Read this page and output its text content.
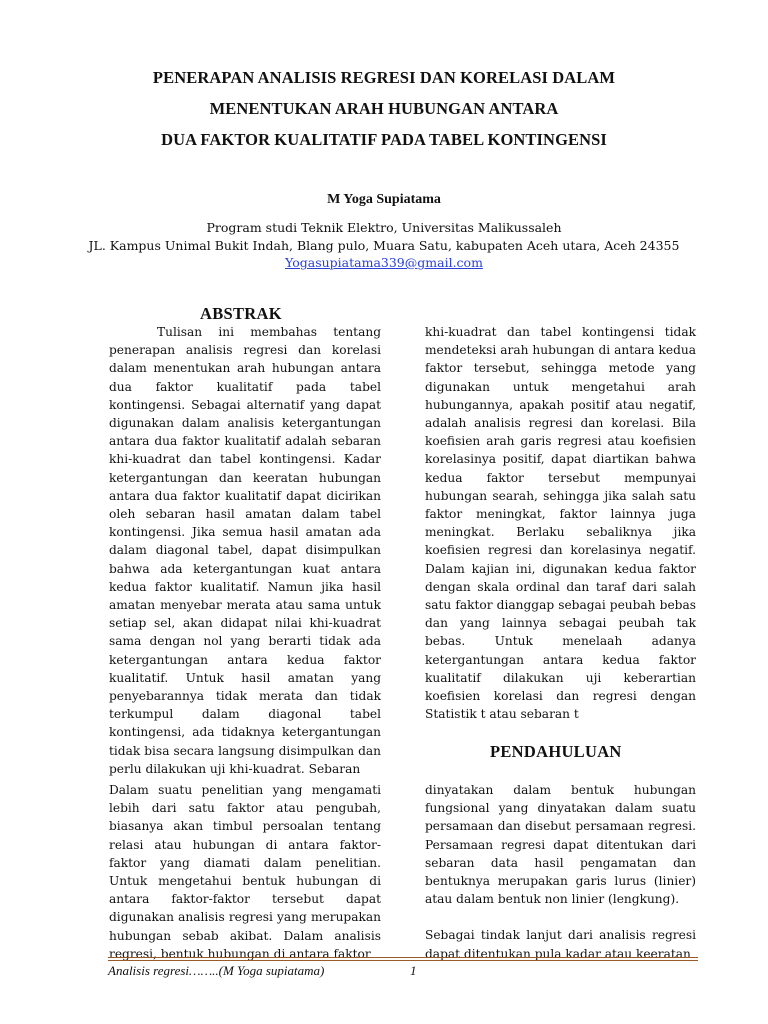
PENERAPAN ANALISIS REGRESI DAN KORELASI DALAM
MENENTUKAN ARAH HUBUNGAN ANTARA
DUA FAKTOR KUALITATIF PADA TABEL KONTINGENSI
M Yoga Supiatama
Program studi Teknik Elektro, Universitas Malikussaleh
JL. Kampus Unimal Bukit Indah, Blang pulo, Muara Satu, kabupaten Aceh utara, Aceh 24355
Yogasupiatama339@gmail.com
ABSTRAK
Tulisan ini membahas tentang penerapan analisis regresi dan korelasi dalam menentukan arah hubungan antara dua faktor kualitatif pada tabel kontingensi. Sebagai alternatif yang dapat digunakan dalam analisis ketergantungan antara dua faktor kualitatif adalah sebaran khi-kuadrat dan tabel kontingensi. Kadar ketergantungan dan keeratan hubungan antara dua faktor kualitatif dapat dicirikan oleh sebaran hasil amatan dalam tabel kontingensi. Jika semua hasil amatan ada dalam diagonal tabel, dapat disimpulkan bahwa ada ketergantungan kuat antara kedua faktor kualitatif. Namun jika hasil amatan menyebar merata atau sama untuk setiap sel, akan didapat nilai khi-kuadrat sama dengan nol yang berarti tidak ada ketergantungan antara kedua faktor kualitatif. Untuk hasil amatan yang penyebarannya tidak merata dan tidak terkumpul dalam diagonal tabel kontingensi, ada tidaknya ketergantungan tidak bisa secara langsung disimpulkan dan perlu dilakukan uji khi-kuadrat. Sebaran
khi-kuadrat dan tabel kontingensi tidak mendeteksi arah hubungan di antara kedua faktor tersebut, sehingga metode yang digunakan untuk mengetahui arah hubungannya, apakah positif atau negatif, adalah analisis regresi dan korelasi. Bila koefisien arah garis regresi atau koefisien korelasinya positif, dapat diartikan bahwa kedua faktor tersebut mempunyai hubungan searah, sehingga jika salah satu faktor meningkat, faktor lainnya juga meningkat. Berlaku sebaliknya jika koefisien regresi dan korelasinya negatif. Dalam kajian ini, digunakan kedua faktor dengan skala ordinal dan taraf dari salah satu faktor dianggap sebagai peubah bebas dan yang lainnya sebagai peubah tak bebas. Untuk menelaah adanya ketergantungan antara kedua faktor kualitatif dilakukan uji keberartian koefisien korelasi dan regresi dengan Statistik t atau sebaran t
PENDAHULUAN
Dalam suatu penelitian yang mengamati lebih dari satu faktor atau pengubah, biasanya akan timbul persoalan tentang relasi atau hubungan di antara faktor-faktor yang diamati dalam penelitian. Untuk mengetahui bentuk hubungan di antara faktor-faktor tersebut dapat digunakan analisis regresi yang merupakan hubungan sebab akibat. Dalam analisis regresi, bentuk hubungan di antara faktor

dinyatakan dalam bentuk hubungan fungsional yang dinyatakan dalam suatu persamaan dan disebut persamaan regresi. Persamaan regresi dapat ditentukan dari sebaran data hasil pengamatan dan bentuknya merupakan garis lurus (linier) atau dalam bentuk non linier (lengkung).

Sebagai tindak lanjut dari analisis regresi dapat ditentukan pula kadar atau keeratan

Analisis regresi……..(M Yoga supiatama)	1
